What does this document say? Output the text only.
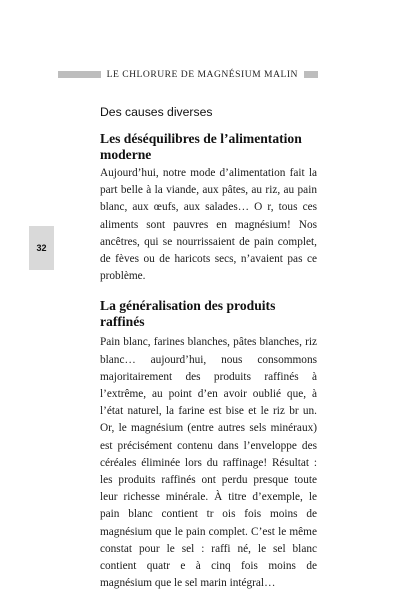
LE CHLORURE DE MAGNÉSIUM MALIN
32
Des causes diverses
Les déséquilibres de l’alimentation moderne

Aujourd’hui, notre mode d’alimentation fait la part belle à la viande, aux pâtes, au riz, au pain blanc, aux œufs, aux salades… O r, tous ces aliments sont pauvres en magnésium! Nos ancêtres, qui se nourrissaient de pain complet, de fèves ou de haricots secs, n’avaient pas ce problème.

La généralisation des produits raffinés

Pain blanc, farines blanches, pâtes blanches, riz blanc… aujourd’hui, nous consommons majoritairement des produits raffinés à l’extrême, au point d’en avoir oublié que, à l’état naturel, la farine est bise et le riz br un. Or, le magnésium (entre autres sels minéraux) est précisément contenu dans l’enveloppe des céréales éliminée lors du raffinage! Résultat : les produits raffinés ont perdu presque toute leur richesse minérale. À titre d’exemple, le pain blanc contient tr ois fois moins de magnésium que le pain complet. C’est le même constat pour le sel : raffi né, le sel blanc contient quatr e à cinq fois moins de magnésium que le sel marin intégral…
